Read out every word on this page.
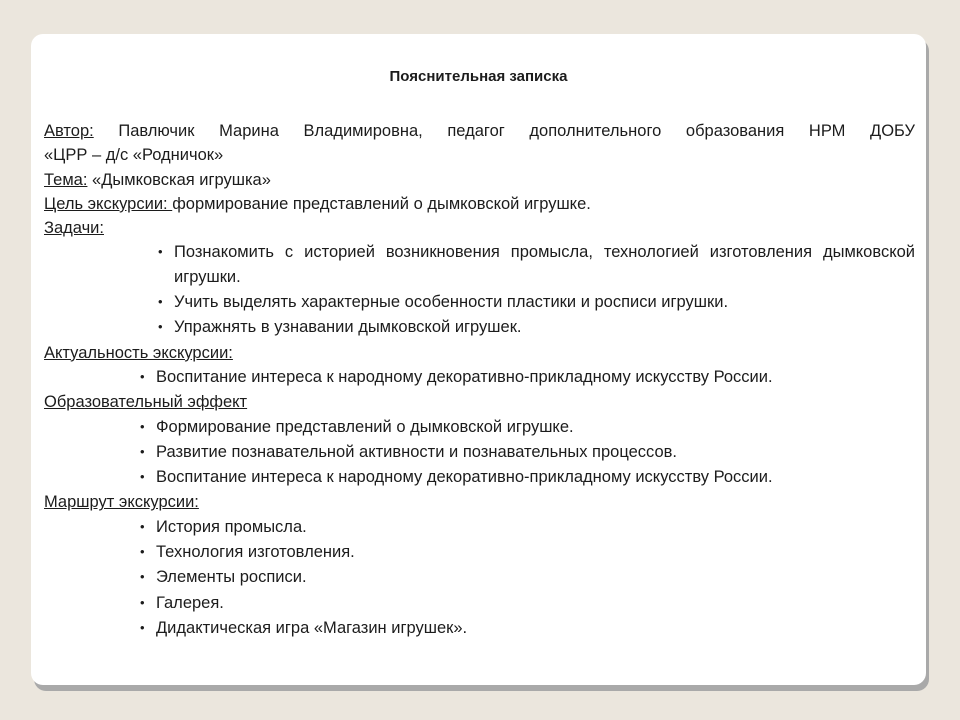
Пояснительная записка
Автор: Павлючик Марина Владимировна, педагог дополнительного образования НРМ ДОБУ
«ЦРР – д/с «Родничок»
Тема: «Дымковская игрушка»
Цель экскурсии: формирование представлений о дымковской игрушке.
Задачи:
• Познакомить с историей возникновения промысла, технологией изготовления дымковской игрушки.
• Учить выделять характерные особенности пластики и росписи игрушки.
• Упражнять в узнавании дымковской игрушек.
Актуальность экскурсии:
• Воспитание интереса к народному декоративно-прикладному искусству России.
Образовательный эффект
• Формирование представлений о дымковской игрушке.
• Развитие познавательной активности и познавательных процессов.
• Воспитание интереса к народному декоративно-прикладному искусству России.
Маршрут экскурсии:
• История промысла.
• Технология изготовления.
• Элементы росписи.
• Галерея.
• Дидактическая игра «Магазин игрушек».
